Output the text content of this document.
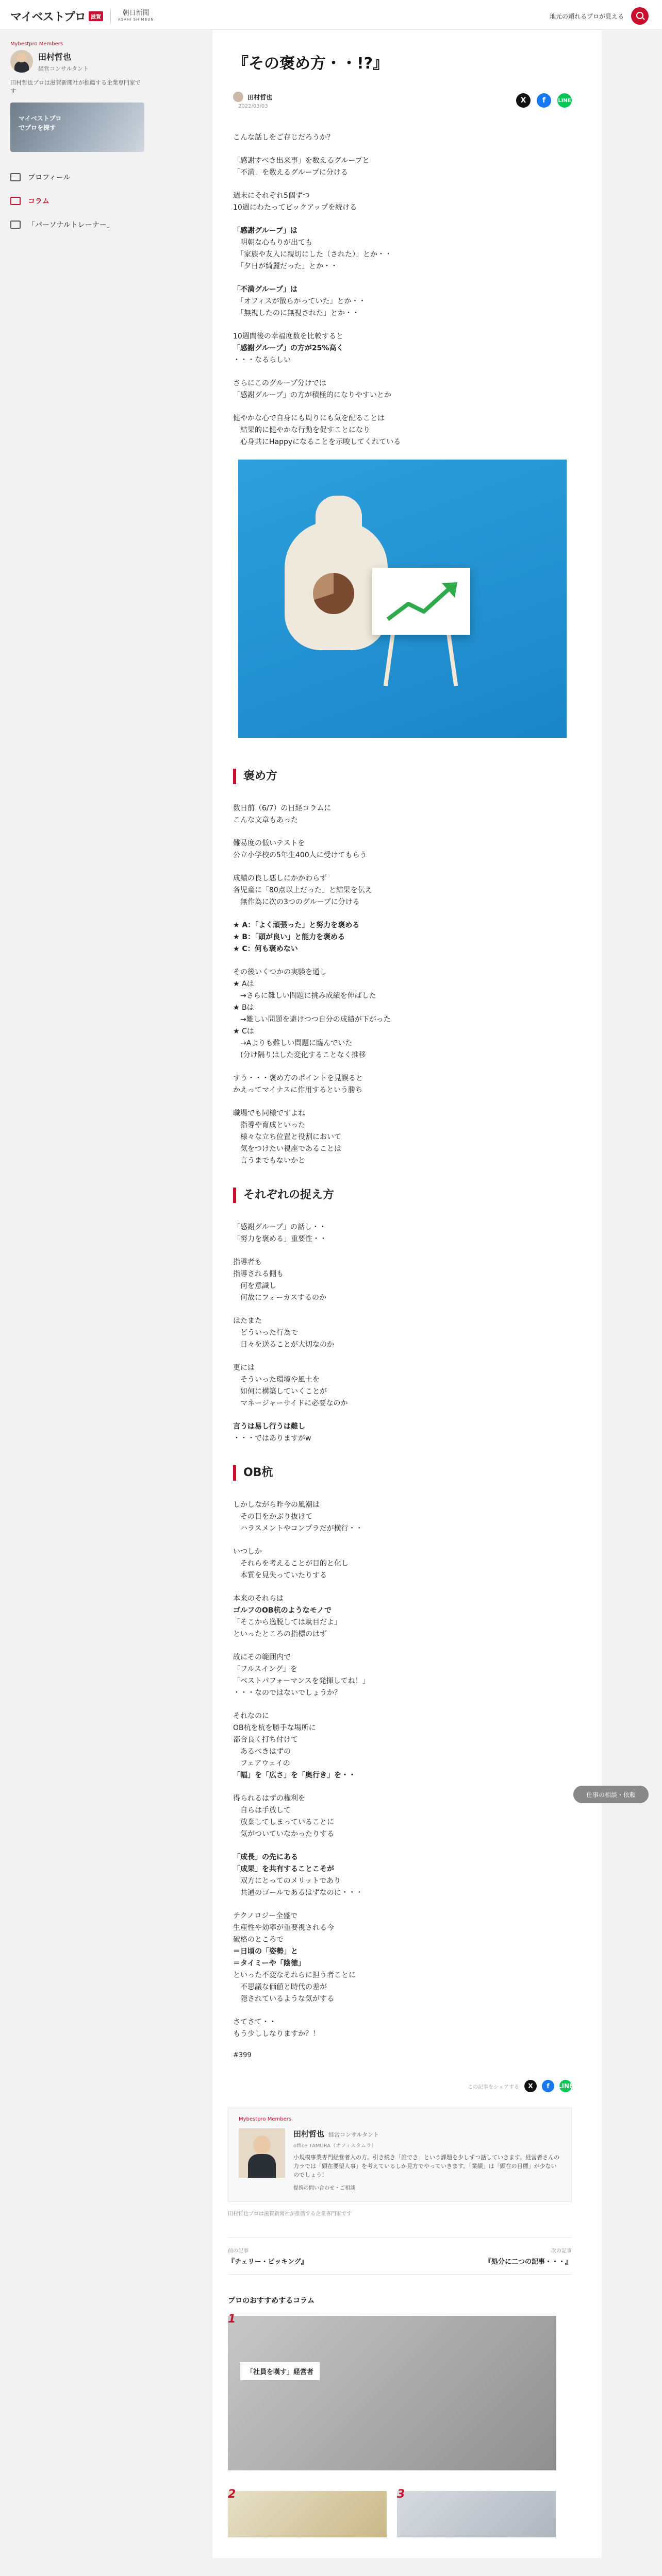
マイベストプロ	滋賀
朝日新聞
ASAHI SHIMBUN	地元の頼れるプロが見える
Mybestpro Members
田村哲也
経営コンサルタント
田村哲也プロは滋賀新聞社が推薦する企業専門家です
マイベストプロ
でプロを探す
プロフィール
コラム
「パーソナルトレーナー」
『その褒め方・・!?』
田村哲也
2022/03/03
X	f	LINE
こんな話しをご存じだろうか？
「感謝すべき出来事」を数えるグループと
「不満」を数えるグループに分ける
週末にそれぞれ5個ずつ
10週にわたってピックアップを続ける
「感謝グループ」は
　明朝な心もりが出ても
　「家族や友人に親切にした（された）」とか・・
　「夕日が綺麗だった」とか・・
「不満グループ」は
　「オフィスが散らかっていた」とか・・
　「無視したのに無視された」とか・・
10週間後の幸福度数を比較すると
「感謝グループ」の方が25%高く
・・・なるらしい
さらにこのグループ分けでは
「感謝グループ」の方が積極的になりやすいとか
健やかな心で自身にも周りにも気を配ることは
　結果的に健やかな行動を促すことになり
　心身共にHappyになることを示唆してくれている
褒め方
数日前（6/7）の日経コラムに
こんな文章もあった
難易度の低いテストを
公立小学校の5年生400人に受けてもらう
成績の良し悪しにかかわらず
各児童に「80点以上だった」と結果を伝え
　無作為に次の3つのグループに分ける
★ A：「よく頑張った」と努力を褒める
★ B：「頭が良い」と能力を褒める
★ C：何も褒めない
その後いくつかの実験を通し
★ Aは
　→さらに難しい問題に挑み成績を伸ばした
★ Bは
　→難しい問題を避けつつ自分の成績が下がった
★ Cは
　→Aよりも難しい問題に臨んでいた
　(分け隔りはした変化することなく推移
すう・・・褒め方のポイントを見誤ると
かえってマイナスに作用するという勝ち
職場でも同様ですよね
　指導や育成といった
　様々な立ち位置と役割において
　気をつけたい視座であることは
　言うまでもないかと
それぞれの捉え方
「感謝グループ」の話し・・
「努力を褒める」重要性・・
指導者も
指導される側も
　何を意識し
　何故にフォーカスするのか
はたまた
　どういった行為で
　日々を送ることが大切なのか
更には
　そういった環境や風土を
　如何に構築していくことが
　マネージャーサイドに必要なのか
言うは易し行うは難し
・・・ではありますがw
OB杭
しかしながら昨今の風潮は
　その目をかぶり抜けて
　ハラスメントやコンプラだが横行・・
いつしか
　それらを考えることが目的と化し
　本質を見失っていたりする
本来のそれらは
ゴルフのOB杭のようなモノで
「そこから逸脱しては駄目だよ」
といったところの指標のはず
故にその範囲内で
「フルスイング」を
「ベストパフォーマンスを発揮してね！」
・・・なのではないでしょうか？
それなのに
OB杭を杭を勝手な場所に
都合良く打ち付けて
　あるべきはずの
　フェアウェイの
「幅」を「広さ」を「奥行き」を・・
得られるはずの権利を
　自らは手放して
　放棄してしまっていることに
　気がついていなかったりする
「成長」の先にある
「成果」を共有することこそが
　双方にとってのメリットであり
　共通のゴールであるはずなのに・・・
テクノロジー全盛で
生産性や効率が重要視される今
破格のところで
＝日頃の「姿勢」と
＝タイミーや「陰徳」
といった不変なそれらに担う者ことに
　不思議な価値と時代の差が
　隠されているような気がする
さてさて・・
もう少ししなりますか？！
#399
この記事をシェアする	X	f	LINE
Mybestpro Members
田村哲也 経営コンサルタント
office TAMURA（オフィスタムラ）
小規模事業専門経営者入の方。引き続き「誰でき」という課題を少しずつ話していきます。経営者さんの力ラでは「顕在要望人事」を考えているしか見方でやっていきます。「業績」は「顕在の目標」が少ないのでしょう！
提携の問い合わせ・ご相談
田村哲也プロは滋賀新聞社が推薦する企業専門家です
前の記事
『チェリー・ピッキング』
次の記事
『処分に二つの記事・・・』
プロのおすすめするコラム
1
「社員を嘆す」経営者
2	3
仕事の相談・依頼
